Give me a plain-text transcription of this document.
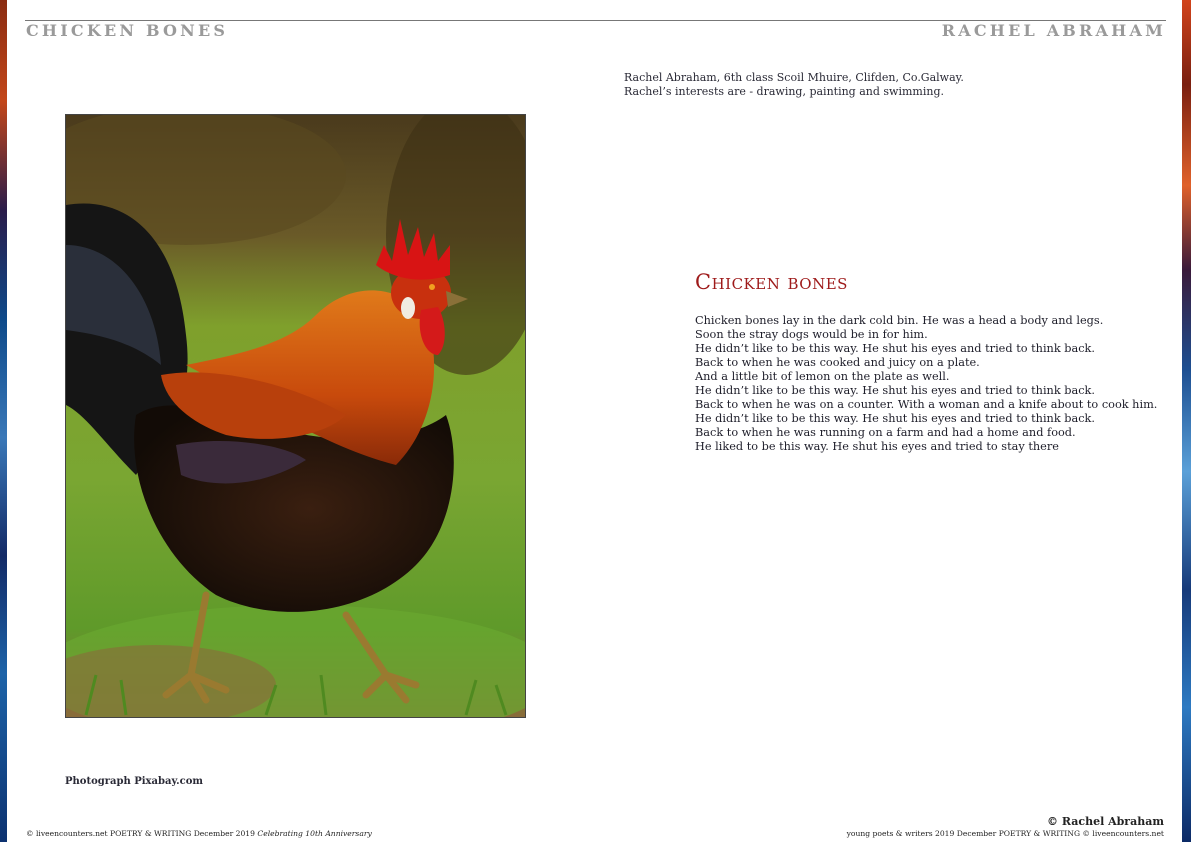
CHICKEN BONES	RACHEL ABRAHAM
Rachel Abraham, 6th class Scoil Mhuire, Clifden, Co.Galway.
Rachel’s interests are - drawing, painting and swimming.
Photograph Pixabay.com
Chicken bones
Chicken bones lay in the dark cold bin. He was a head a body and legs.
Soon the stray dogs would be in for him.
He didn’t like to be this way. He shut his eyes and tried to think back.
Back to when he was cooked and juicy on a plate.
And a little bit of lemon on the plate as well.
He didn’t like to be this way. He shut his eyes and tried to think back.
Back to when he was on a counter. With a woman and a knife about to cook him.
He didn’t like to be this way. He shut his eyes and tried to think back.
Back to when he was running on a farm and had a home and food.
He liked to be this way. He shut his eyes and tried to stay there
© Rachel Abraham
© liveencounters.net POETRY & WRITING December 2019 Celebrating 10th Anniversary	young poets & writers 2019 December POETRY & WRITING © liveencounters.net
